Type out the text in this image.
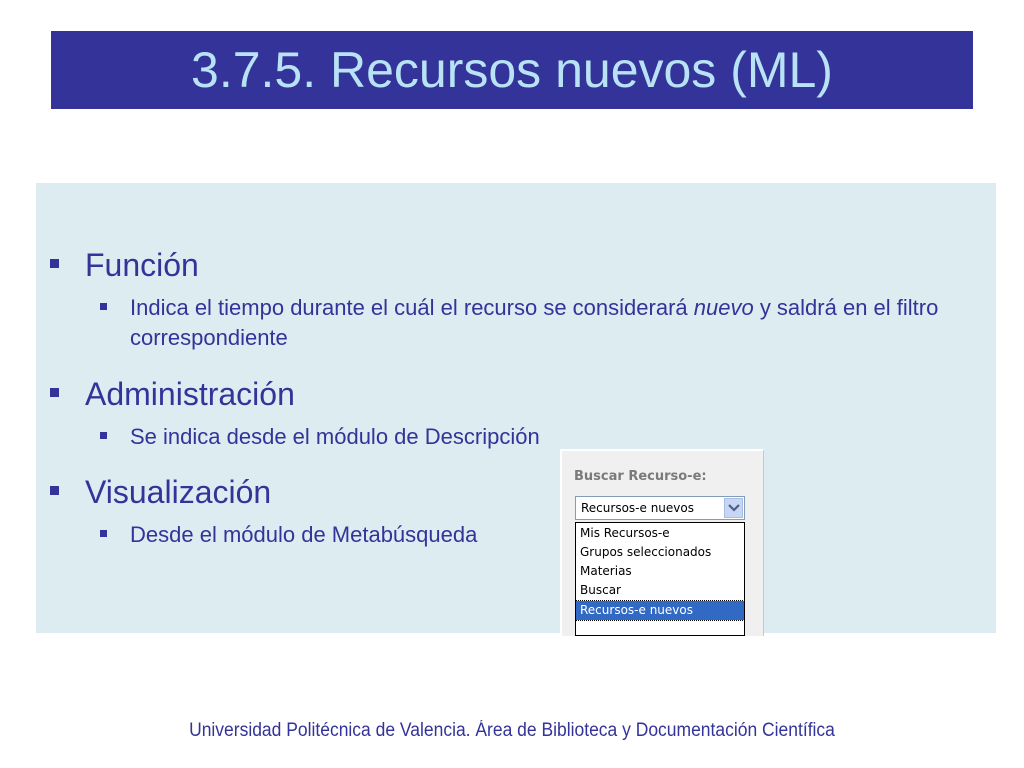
3.7.5. Recursos nuevos (ML)
Función
Indica el tiempo durante el cuál el recurso se considerará nuevo y saldrá en el filtro correspondiente
Administración
Se indica desde el módulo de Descripción
Visualización
Desde el módulo de Metabúsqueda
Buscar Recurso-e:
Recursos-e nuevos
Mis Recursos-e
Grupos seleccionados
Materias
Buscar
Recursos-e nuevos
Universidad Politécnica de Valencia. Área de Biblioteca y Documentación Científica
